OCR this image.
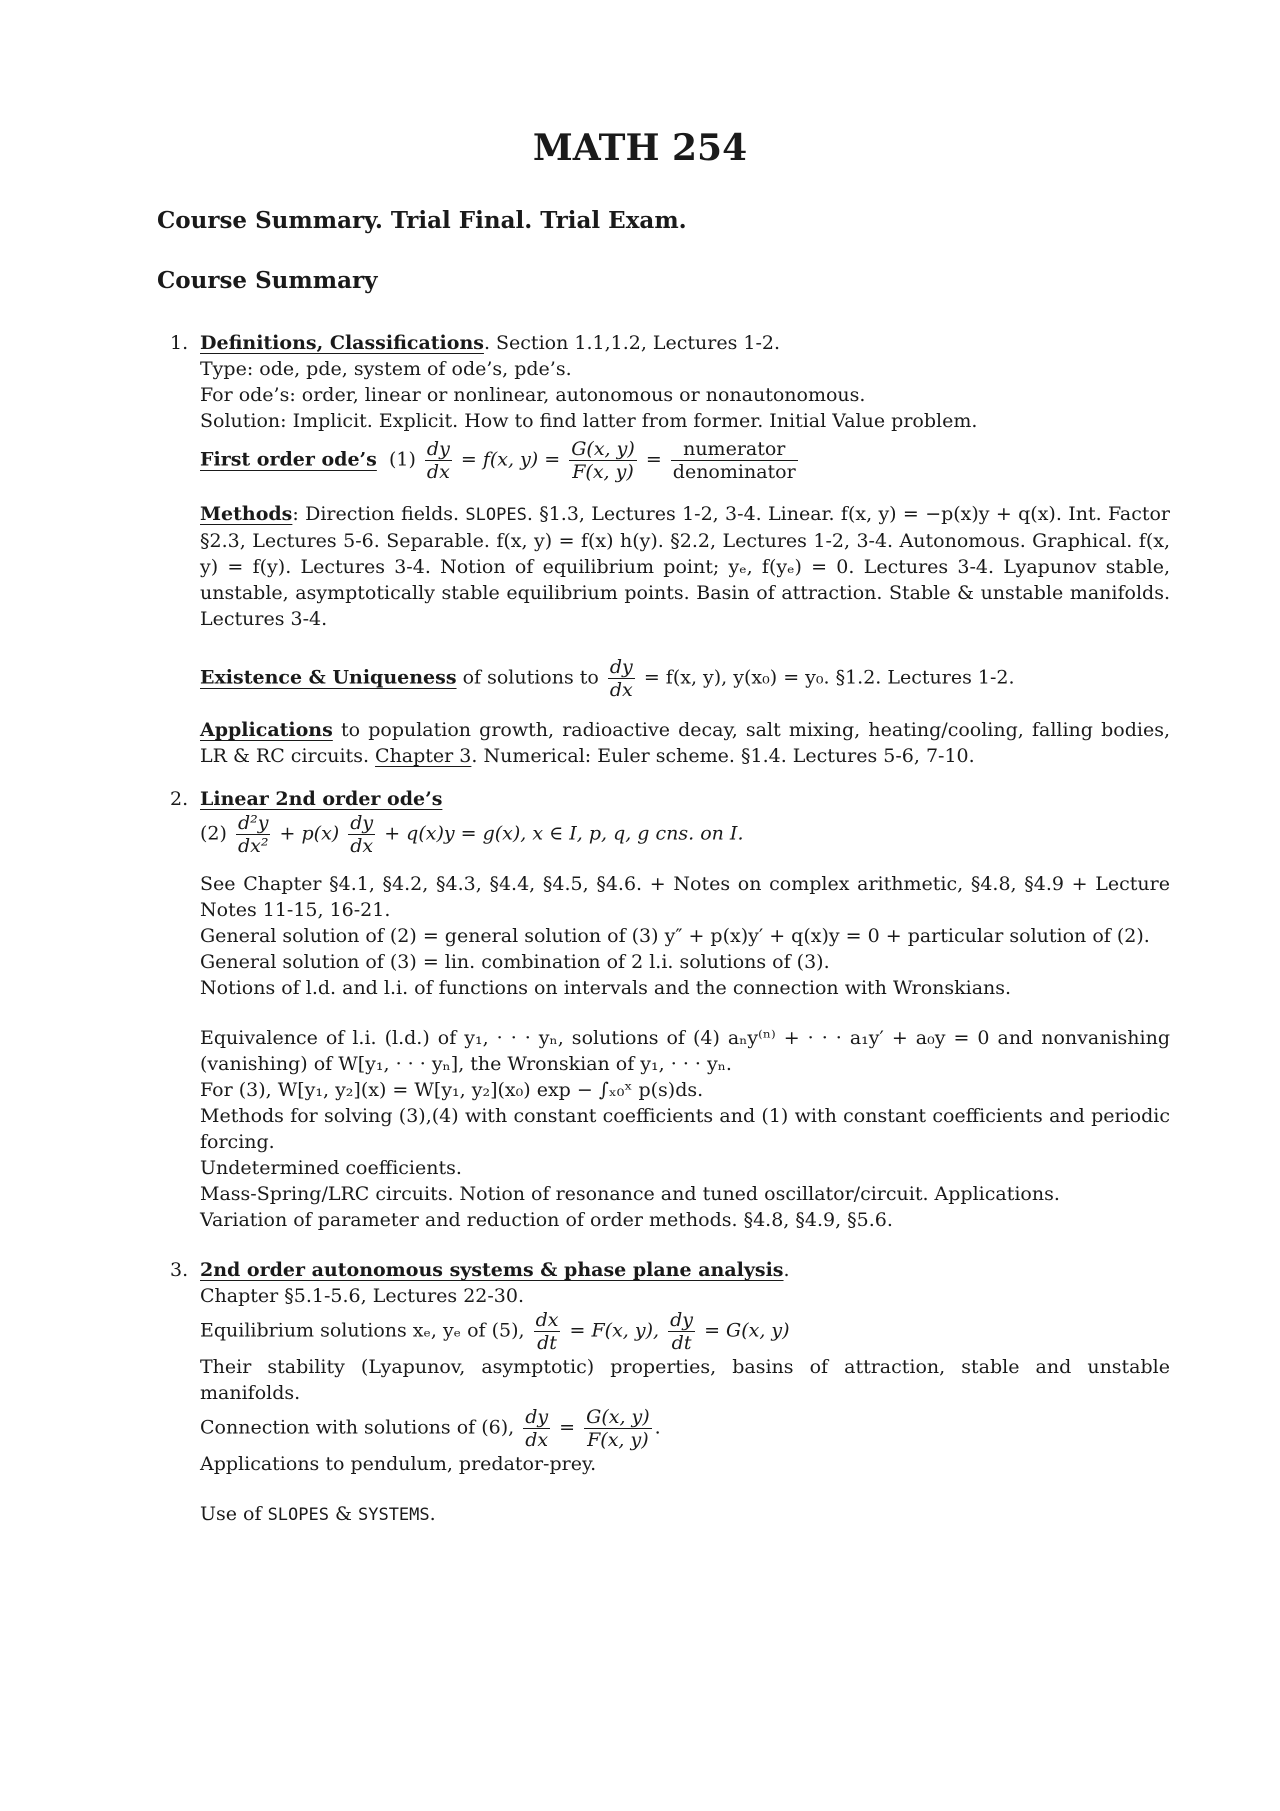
MATH 254
Course Summary. Trial Final. Trial Exam.
Course Summary
1. Definitions, Classifications. Section 1.1,1.2, Lectures 1-2.
Type: ode, pde, system of ode’s, pde’s.
For ode’s: order, linear or nonlinear, autonomous or nonautonomous.
Solution: Implicit. Explicit. How to find latter from former. Initial Value problem.
First order ode’s $(1) \frac{dy}{dx} = f(x$, $y) = \frac{G(x, y)}{F(x, y)} = \frac{\text{numerator}}{\text{denominator}}$
Methods: Direction fields. SLOPES. §1.3, Lectures 1-2, 3-4. Linear. f(x, y) = −p(x)y + q(x). Int. Factor §2.3, Lectures 5-6. Separable. f(x, y) = f(x) h(y). §2.2, Lectures 1-2, 3-4. Autonomous. Graphical. f(x, y) = f(y). Lectures 3-4. Notion of equilibrium point; yₑ, f(yₑ) = 0. Lectures 3-4. Lyapunov stable, unstable, asymptotically stable equilibrium points. Basin of attraction. Stable & unstable manifolds. Lectures 3-4.
Existence & Uniqueness of solutions to $\frac{dy}{dx} = f(x$, y), y(x₀) = y₀. §1.2. Lectures 1-2.
Applications to population growth, radioactive decay, salt mixing, heating/cooling, falling bodies, LR & RC circuits. Chapter 3. Numerical: Euler scheme. §1.4. Lectures 5-6, 7-10.
2. Linear 2nd order ode’s
$(2) \frac{\text{d²y}}{\text{dx²}} + p(x) \frac{dy}{dx} + q(x)y = g(x)$, x ∈ I, p, q, g cns. on I.
See Chapter §4.1, §4.2, §4.3, §4.4, §4.5, §4.6. + Notes on complex arithmetic, §4.8, §4.9 + Lecture Notes 11-15, 16-21.
General solution of (2) = general solution of (3) y″ + p(x)y′ + q(x)y = 0 + particular solution of (2).
General solution of (3) = lin. combination of 2 l.i. solutions of (3).
Notions of l.d. and l.i. of functions on intervals and the connection with Wronskians.
Equivalence of l.i. (l.d.) of y₁, · · · yₙ, solutions of (4) aₙy⁽ⁿ⁾ + · · · a₁y′ + a₀y = 0 and nonvanishing (vanishing) of W[y₁, · · · yₙ], the Wronskian of y₁, · · · yₙ.
For (3), W[y₁, y₂](x) = W[y₁, y₂](x₀) exp − ∫ₓ₀ˣ p(s)ds.
Methods for solving (3),(4) with constant coefficients and (1) with constant coefficients and periodic forcing.
Undetermined coefficients.
Mass-Spring/LRC circuits. Notion of resonance and tuned oscillator/circuit. Applications.
Variation of parameter and reduction of order methods. §4.8, §4.9, §5.6.
3. 2nd order autonomous systems & phase plane analysis.
Chapter §5.1-5.6, Lectures 22-30.
Equilibrium solutions xₑ, yₑ of (5), $\frac{dx}{dt} = F(x$, y), $\frac{dy}{dt} = G(x$, y)
Their stability (Lyapunov, asymptotic) properties, basins of attraction, stable and unstable manifolds.
Connection with solutions of (6), $\frac{dy}{dx} = \frac{G(x, y)}{F(x, y)}$ .
Applications to pendulum, predator-prey.
Use of SLOPES & SYSTEMS.
